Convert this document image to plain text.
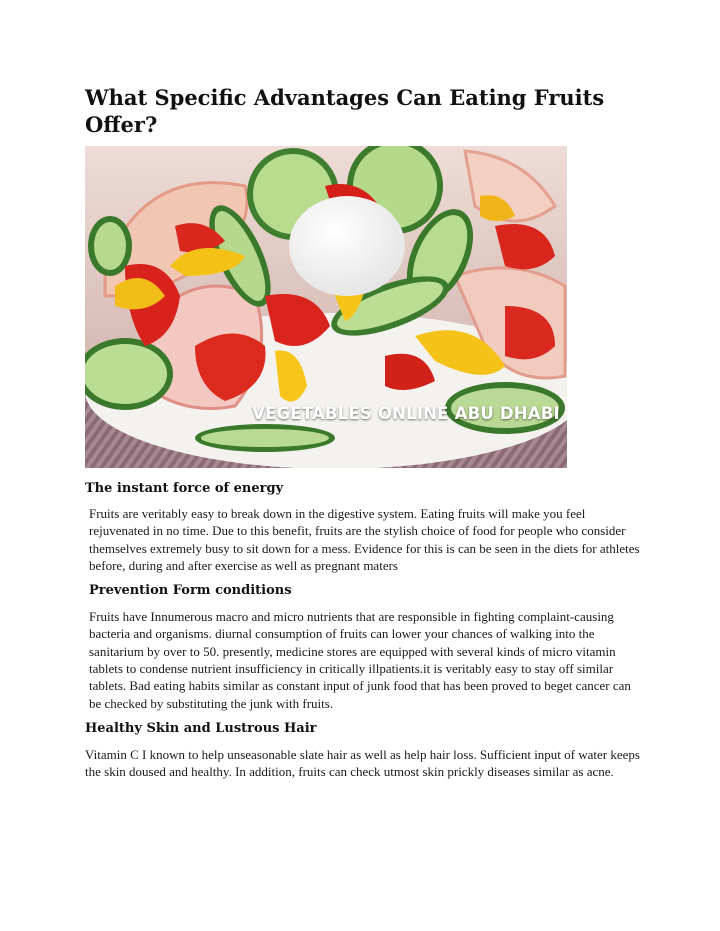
What Specific Advantages Can Eating Fruits Offer?
VEGETABLES ONLINE ABU DHABI
The instant force of energy

Fruits are veritably easy to break down in the digestive system. Eating fruits will make you feel rejuvenated in no time. Due to this benefit, fruits are the stylish choice of food for people who consider themselves extremely busy to sit down for a mess. Evidence for this is can be seen in the diets for athletes before, during and after exercise as well as pregnant maters

Prevention Form conditions

Fruits have Innumerous macro and micro nutrients that are responsible in fighting complaint-causing bacteria and organisms. diurnal consumption of fruits can lower your chances of walking into the sanitarium by over to 50. presently, medicine stores are equipped with several kinds of micro vitamin tablets to condense nutrient insufficiency in critically illpatients.it is veritably easy to stay off similar tablets. Bad eating habits similar as constant input of junk food that has been proved to beget cancer can be checked by substituting the junk with fruits.

Healthy Skin and Lustrous Hair

Vitamin C I known to help unseasonable slate hair as well as help hair loss. Sufficient input of water keeps the skin doused and healthy. In addition, fruits can check utmost skin prickly diseases similar as acne.
